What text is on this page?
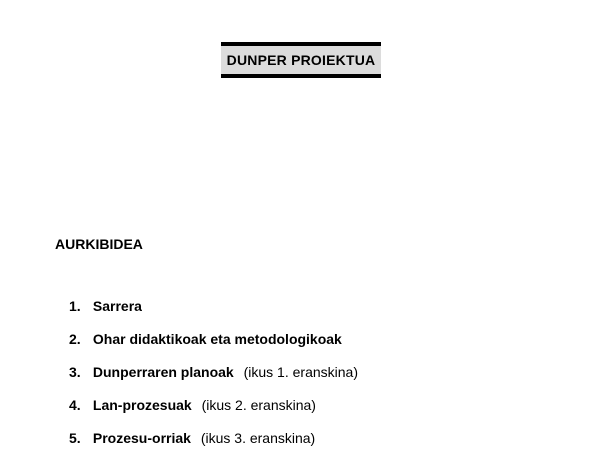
DUNPER PROIEKTUA
AURKIBIDEA
1. Sarrera
2. Ohar didaktikoak eta metodologikoak
3. Dunperraren planoak (ikus 1. eranskina)
4. Lan-prozesuak (ikus 2. eranskina)
5. Prozesu-orriak (ikus 3. eranskina)
